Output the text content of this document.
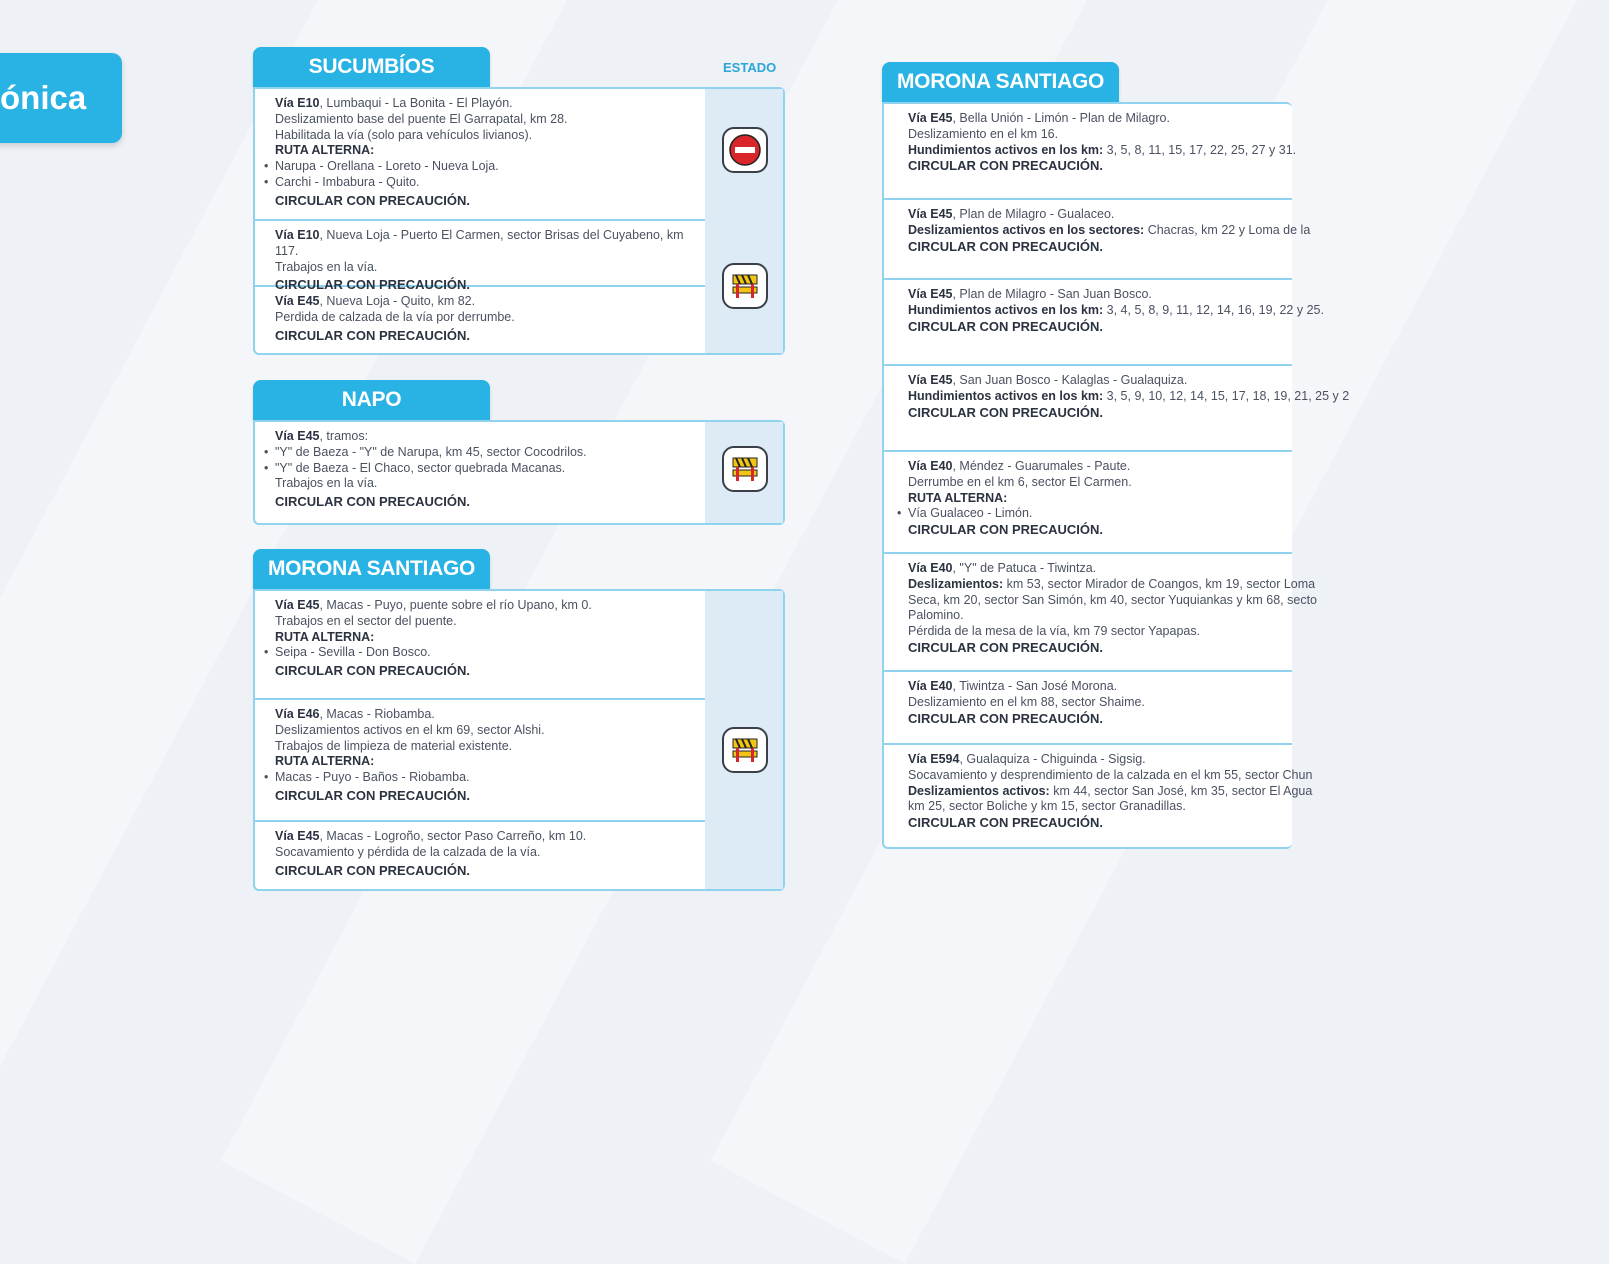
ónica
SUCUMBÍOS	ESTADO
Vía E10, Lumbaqui - La Bonita - El Playón.
Deslizamiento base del puente El Garrapatal, km 28.
Habilitada la vía (solo para vehículos livianos).
RUTA ALTERNA:
• Narupa - Orellana - Loreto - Nueva Loja.
• Carchi - Imbabura - Quito.
CIRCULAR CON PRECAUCIÓN.
Vía E10, Nueva Loja - Puerto El Carmen, sector Brisas del Cuyabeno, km 117.
Trabajos en la vía.
CIRCULAR CON PRECAUCIÓN.
Vía E45, Nueva Loja - Quito, km 82.
Perdida de calzada de la vía por derrumbe.
CIRCULAR CON PRECAUCIÓN.
NAPO
Vía E45, tramos:
• "Y" de Baeza - "Y" de Narupa, km 45, sector Cocodrilos.
• "Y" de Baeza - El Chaco, sector quebrada Macanas.
Trabajos en la vía.
CIRCULAR CON PRECAUCIÓN.
MORONA SANTIAGO
Vía E45, Macas - Puyo, puente sobre el río Upano, km 0.
Trabajos en el sector del puente.
RUTA ALTERNA:
• Seipa - Sevilla - Don Bosco.
CIRCULAR CON PRECAUCIÓN.
Vía E46, Macas - Riobamba.
Deslizamientos activos en el km 69, sector Alshi.
Trabajos de limpieza de material existente.
RUTA ALTERNA:
• Macas - Puyo - Baños - Riobamba.
CIRCULAR CON PRECAUCIÓN.
Vía E45, Macas - Logroño, sector Paso Carreño, km 10.
Socavamiento y pérdida de la calzada de la vía.
CIRCULAR CON PRECAUCIÓN.
MORONA SANTIAGO
Vía E45, Bella Unión - Limón - Plan de Milagro.
Deslizamiento en el km 16.
Hundimientos activos en los km: 3, 5, 8, 11, 15, 17, 22, 25, 27 y 31.
CIRCULAR CON PRECAUCIÓN.
Vía E45, Plan de Milagro - Gualaceo.
Deslizamientos activos en los sectores: Chacras, km 22 y Loma de la
CIRCULAR CON PRECAUCIÓN.
Vía E45, Plan de Milagro - San Juan Bosco.
Hundimientos activos en los km: 3, 4, 5, 8, 9, 11, 12, 14, 16, 19, 22 y 25.
CIRCULAR CON PRECAUCIÓN.
Vía E45, San Juan Bosco - Kalaglas - Gualaquiza.
Hundimientos activos en los km: 3, 5, 9, 10, 12, 14, 15, 17, 18, 19, 21, 25 y 2
CIRCULAR CON PRECAUCIÓN.
Vía E40, Méndez - Guarumales - Paute.
Derrumbe en el km 6, sector El Carmen.
RUTA ALTERNA:
• Vía Gualaceo - Limón.
CIRCULAR CON PRECAUCIÓN.
Vía E40, "Y" de Patuca - Tiwintza.
Deslizamientos: km 53, sector Mirador de Coangos, km 19, sector Loma
Seca, km 20, sector San Simón, km 40, sector Yuquiankas y km 68, secto
Palomino.
Pérdida de la mesa de la vía, km 79 sector Yapapas.
CIRCULAR CON PRECAUCIÓN.
Vía E40, Tiwintza - San José Morona.
Deslizamiento en el km 88, sector Shaime.
CIRCULAR CON PRECAUCIÓN.
Vía E594, Gualaquiza - Chiguinda - Sigsig.
Socavamiento y desprendimiento de la calzada en el km 55, sector Chun
Deslizamientos activos: km 44, sector San José, km 35, sector El Agua
km 25, sector Boliche y km 15, sector Granadillas.
CIRCULAR CON PRECAUCIÓN.
